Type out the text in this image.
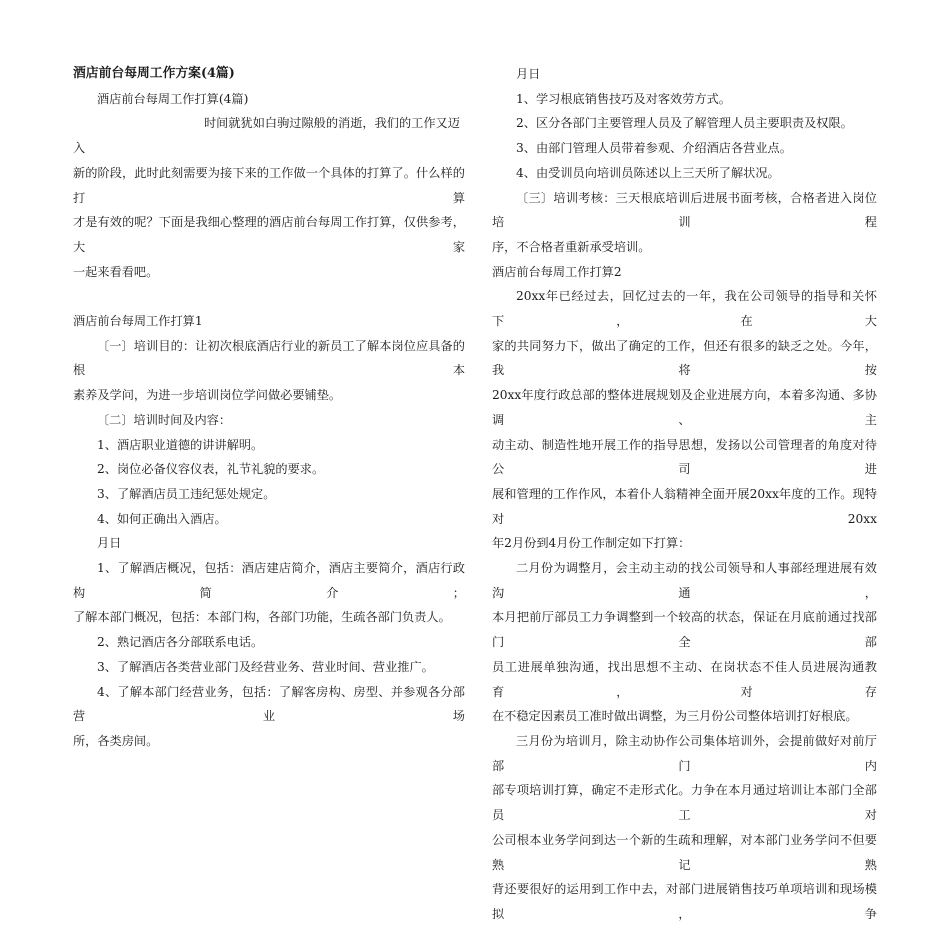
酒店前台每周工作方案(4篇)

酒店前台每周工作打算(4篇)

时间就犹如白驹过隙般的消逝，我们的工作又迈入

新的阶段，此时此刻需要为接下来的工作做一个具体的打算了。什么样的打算

才是有效的呢？下面是我细心整理的酒店前台每周工作打算，仅供参考，大家

一起来看看吧。

酒店前台每周工作打算1

〔一〕培训目的：让初次根底酒店行业的新员工了解本岗位应具备的根本

素养及学问，为进一步培训岗位学问做必要铺垫。

〔二〕培训时间及内容：

1、酒店职业道德的讲讲解明。

2、岗位必备仪容仪表，礼节礼貌的要求。

3、了解酒店员工违纪惩处规定。

4、如何正确出入酒店。

月日

1、了解酒店概况，包括：酒店建店简介，酒店主要简介，酒店行政构简介；

了解本部门概况，包括：本部门构，各部门功能，生疏各部门负责人。

2、熟记酒店各分部联系电话。

3、了解酒店各类营业部门及经营业务、营业时间、营业推广。

4、了解本部门经营业务，包括：了解客房构、房型、并参观各分部营业场

所，各类房间。

月日

1、学习根底销售技巧及对客效劳方式。

2、区分各部门主要管理人员及了解管理人员主要职责及权限。

3、由部门管理人员带着参观、介绍酒店各营业点。

4、由受训员向培训员陈述以上三天所了解状况。

〔三〕培训考核：三天根底培训后进展书面考核，合格者进入岗位培训程

序，不合格者重新承受培训。

酒店前台每周工作打算2

20xx年已经过去，回忆过去的一年，我在公司领导的指导和关怀下，在大

家的共同努力下，做出了确定的工作，但还有很多的缺乏之处。今年，我将按

20xx年度行政总部的整体进展规划及企业进展方向，本着多沟通、多协调、主

动主动、制造性地开展工作的指导思想，发扬以公司管理者的角度对待公司进

展和管理的工作作风，本着仆人翁精神全面开展20xx年度的工作。现特对20xx

年2月份到4月份工作制定如下打算：

二月份为调整月，会主动主动的找公司领导和人事部经理进展有效沟通，

本月把前厅部员工力争调整到一个较高的状态，保证在月底前通过找部门全部

员工进展单独沟通，找出思想不主动、在岗状态不佳人员进展沟通教育，对存

在不稳定因素员工准时做出调整，为三月份公司整体培训打好根底。

三月份为培训月，除主动协作公司集体培训外，会提前做好对前厅部门内

部专项培训打算，确定不走形式化。力争在本月通过培训让本部门全部员工对

公司根本业务学问到达一个新的生疏和理解，对本部门业务学问不但要熟记熟

背还要很好的运用到工作中去，对部门进展销售技巧单项培训和现场模拟，争
